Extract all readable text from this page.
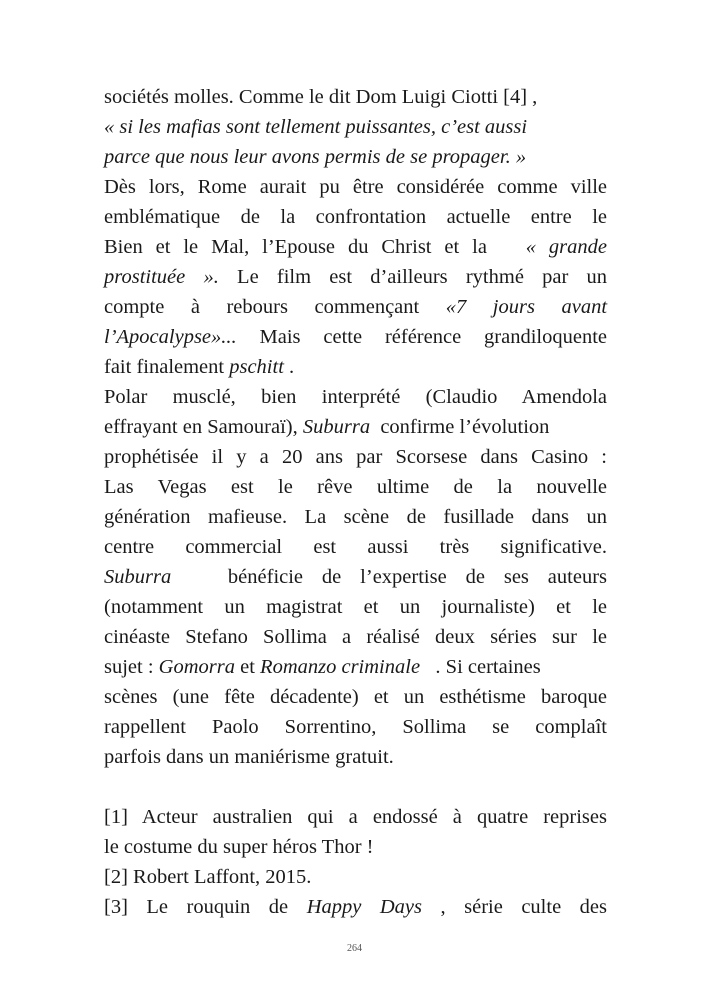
sociétés molles. Comme le dit Dom Luigi Ciotti [4] ,
« si les mafias sont tellement puissantes, c’est aussi
parce que nous leur avons permis de se propager. »
Dès lors, Rome aurait pu être considérée comme ville
emblématique de la confrontation actuelle entre le
Bien et le Mal, l’Epouse du Christ et la « grande
prostituée ». Le film est d’ailleurs rythmé par un
compte à rebours commençant «7 jours avant
l’Apocalypse»... Mais cette référence grandiloquente
fait finalement pschitt .
Polar musclé, bien interprété (Claudio Amendola
effrayant en Samouraï), Suburra confirme l’évolution
prophétisée il y a 20 ans par Scorsese dans Casino :
Las Vegas est le rêve ultime de la nouvelle
génération mafieuse. La scène de fusillade dans un
centre commercial est aussi très significative.
Suburra	bénéficie de l’expertise de ses auteurs
(notamment un magistrat et un journaliste) et le
cinéaste Stefano Sollima a réalisé deux séries sur le
sujet : Gomorra et Romanzo criminale . Si certaines
scènes (une fête décadente) et un esthétisme baroque
rappellent Paolo Sorrentino, Sollima se complaît
parfois dans un maniérisme gratuit.
[1] Acteur australien qui a endossé à quatre reprises
le costume du super héros Thor !
[2] Robert Laffont, 2015.
[3] Le rouquin de Happy Days , série culte des
264
